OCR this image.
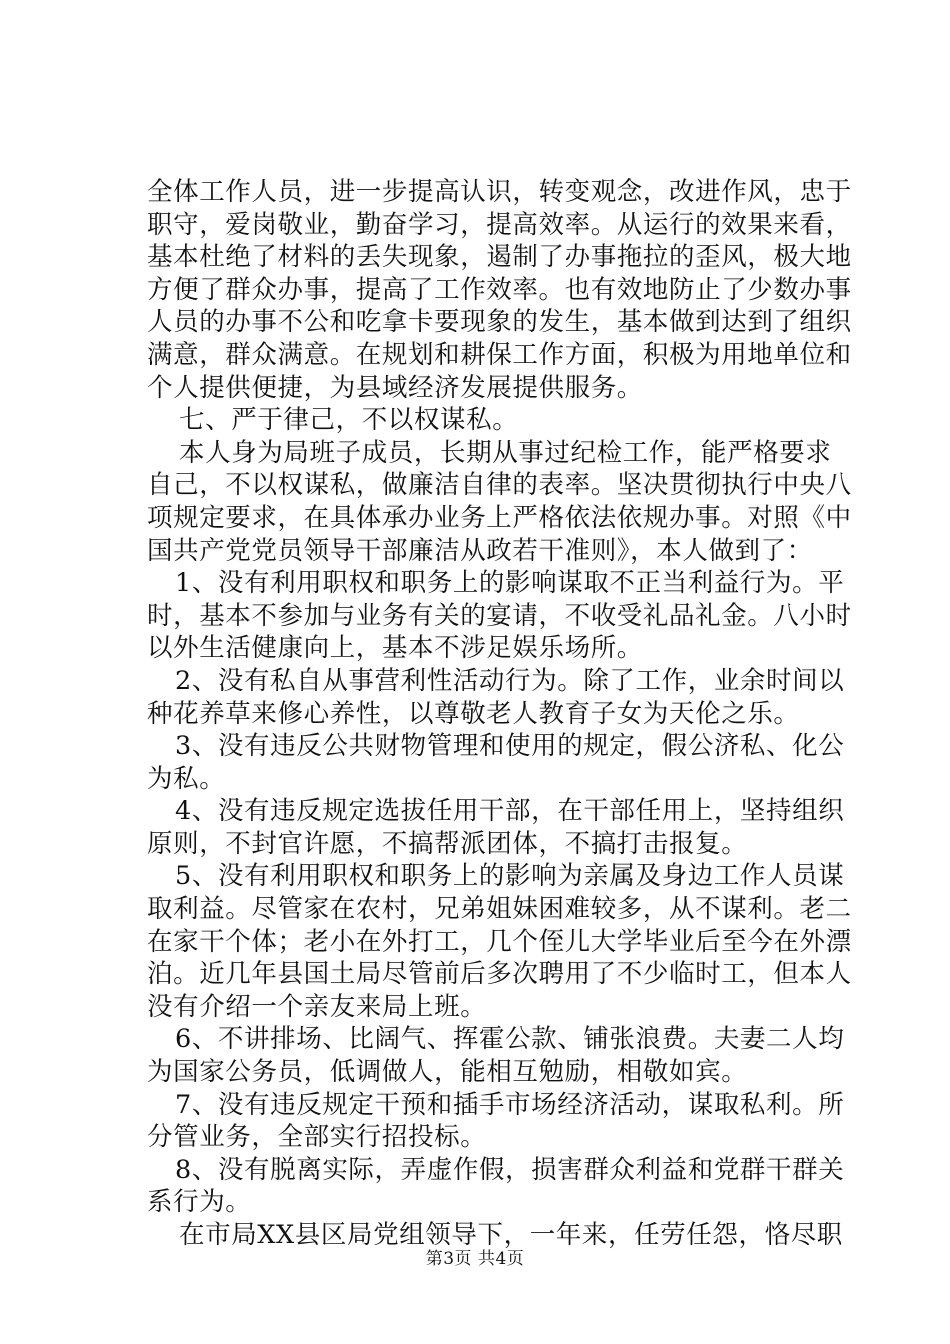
全体工作人员，进一步提高认识，转变观念，改进作风，忠于
职守，爱岗敬业，勤奋学习，提高效率。从运行的效果来看，
基本杜绝了材料的丢失现象，遏制了办事拖拉的歪风，极大地
方便了群众办事，提高了工作效率。也有效地防止了少数办事
人员的办事不公和吃拿卡要现象的发生，基本做到达到了组织
满意，群众满意。在规划和耕保工作方面，积极为用地单位和
个人提供便捷，为县域经济发展提供服务。
七、严于律己，不以权谋私。
本人身为局班子成员，长期从事过纪检工作，能严格要求
自己，不以权谋私，做廉洁自律的表率。坚决贯彻执行中央八
项规定要求，在具体承办业务上严格依法依规办事。对照《中
国共产党党员领导干部廉洁从政若干准则》，本人做到了：
1、没有利用职权和职务上的影响谋取不正当利益行为。平
时，基本不参加与业务有关的宴请，不收受礼品礼金。八小时
以外生活健康向上，基本不涉足娱乐场所。
2、没有私自从事营利性活动行为。除了工作，业余时间以
种花养草来修心养性，以尊敬老人教育子女为天伦之乐。
3、没有违反公共财物管理和使用的规定，假公济私、化公
为私。
4、没有违反规定选拔任用干部，在干部任用上，坚持组织
原则，不封官许愿，不搞帮派团体，不搞打击报复。
5、没有利用职权和职务上的影响为亲属及身边工作人员谋
取利益。尽管家在农村，兄弟姐妹困难较多，从不谋利。老二
在家干个体；老小在外打工，几个侄儿大学毕业后至今在外漂
泊。近几年县国土局尽管前后多次聘用了不少临时工，但本人
没有介绍一个亲友来局上班。
6、不讲排场、比阔气、挥霍公款、铺张浪费。夫妻二人均
为国家公务员，低调做人，能相互勉励，相敬如宾。
7、没有违反规定干预和插手市场经济活动，谋取私利。所
分管业务，全部实行招投标。
8、没有脱离实际，弄虚作假，损害群众利益和党群干群关
系行为。
在市局XX县区局党组领导下，一年来，任劳任怨，恪尽职
第3页 共4页
